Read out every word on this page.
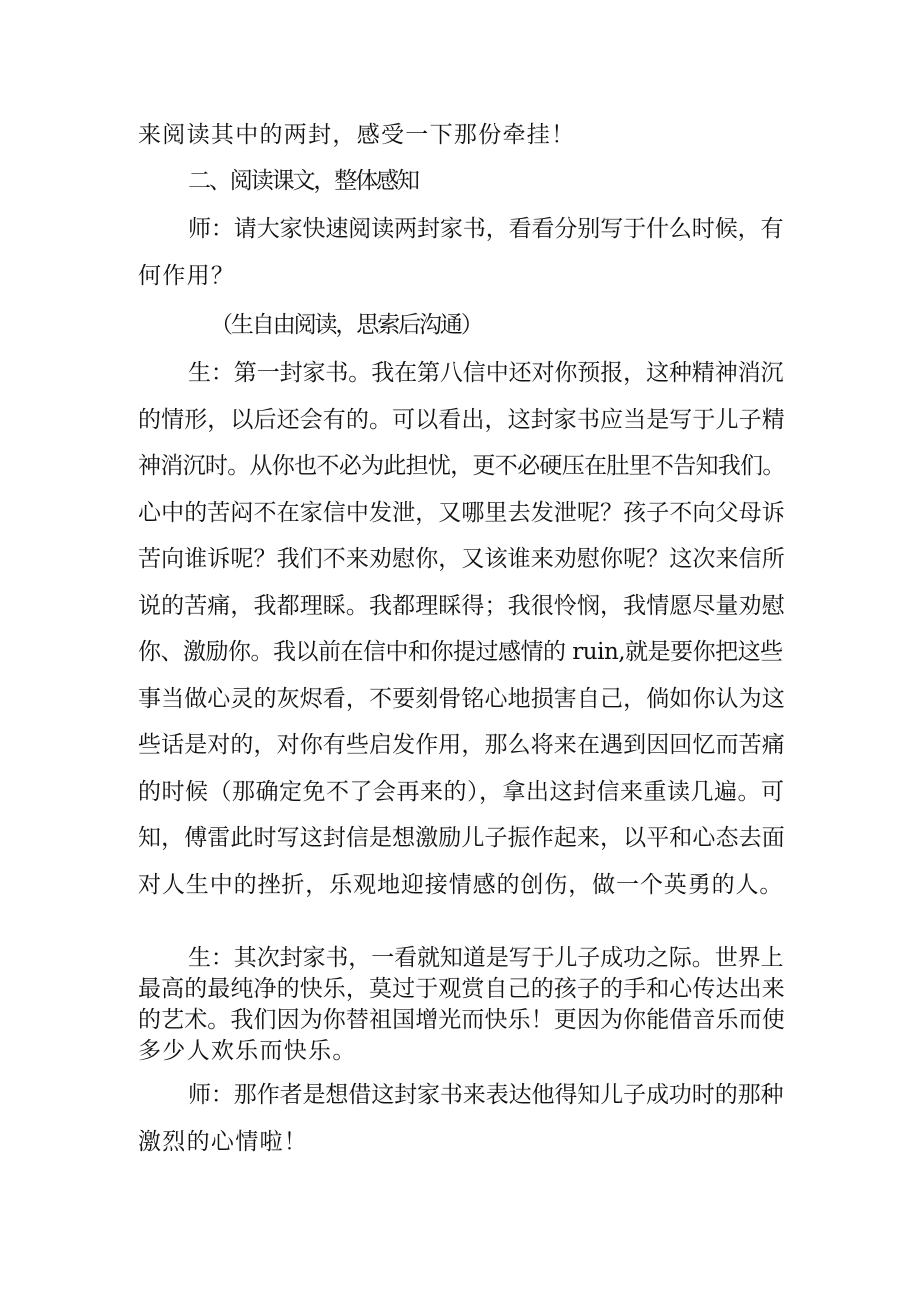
来阅读其中的两封，感受一下那份牵挂！
二、阅读课文，整体感知
师：请大家快速阅读两封家书，看看分别写于什么时候，有
何作用？
（生自由阅读，思索后沟通）
生：第一封家书。我在第八信中还对你预报，这种精神消沉
的情形，以后还会有的。可以看出，这封家书应当是写于儿子精
神消沉时。从你也不必为此担忧，更不必硬压在肚里不告知我们。
心中的苦闷不在家信中发泄，又哪里去发泄呢？孩子不向父母诉
苦向谁诉呢？我们不来劝慰你，又该谁来劝慰你呢？这次来信所
说的苦痛，我都理睬。我都理睬得；我很怜悯，我情愿尽量劝慰
你、激励你。我以前在信中和你提过感情的 ruin,就是要你把这些
事当做心灵的灰烬看，不要刻骨铭心地损害自己，倘如你认为这
些话是对的，对你有些启发作用，那么将来在遇到因回忆而苦痛
的时候（那确定免不了会再来的），拿出这封信来重读几遍。可
知，傅雷此时写这封信是想激励儿子振作起来，以平和心态去面
对人生中的挫折，乐观地迎接情感的创伤，做一个英勇的人。
生：其次封家书，一看就知道是写于儿子成功之际。世界上
最高的最纯净的快乐，莫过于观赏自己的孩子的手和心传达出来
的艺术。我们因为你替祖国增光而快乐！更因为你能借音乐而使
多少人欢乐而快乐。
师：那作者是想借这封家书来表达他得知儿子成功时的那种
激烈的心情啦！
